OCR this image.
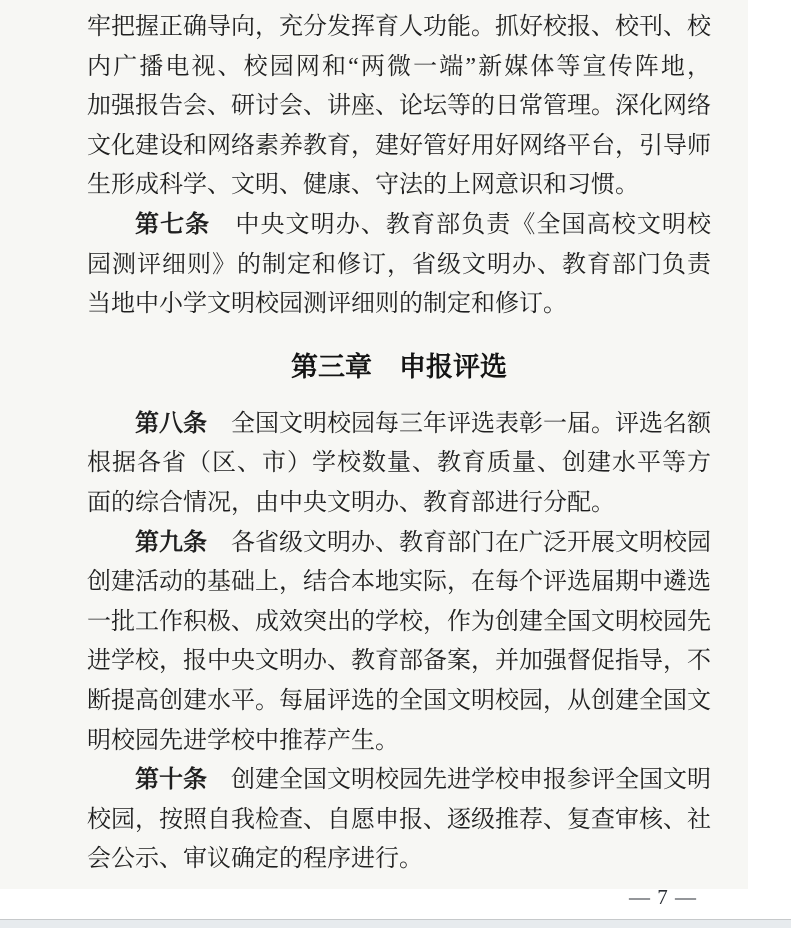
牢把握正确导向，充分发挥育人功能。抓好校报、校刊、校
内广播电视、校园网和“两微一端”新媒体等宣传阵地，
加强报告会、研讨会、讲座、论坛等的日常管理。深化网络
文化建设和网络素养教育，建好管好用好网络平台，引导师
生形成科学、文明、健康、守法的上网意识和习惯。
第七条　中央文明办、教育部负责《全国高校文明校
园测评细则》的制定和修订，省级文明办、教育部门负责
当地中小学文明校园测评细则的制定和修订。
第三章　申报评选
第八条　全国文明校园每三年评选表彰一届。评选名额
根据各省（区、市）学校数量、教育质量、创建水平等方
面的综合情况，由中央文明办、教育部进行分配。
第九条　各省级文明办、教育部门在广泛开展文明校园
创建活动的基础上，结合本地实际，在每个评选届期中遴选
一批工作积极、成效突出的学校，作为创建全国文明校园先
进学校，报中央文明办、教育部备案，并加强督促指导，不
断提高创建水平。每届评选的全国文明校园，从创建全国文
明校园先进学校中推荐产生。
第十条　创建全国文明校园先进学校申报参评全国文明
校园，按照自我检查、自愿申报、逐级推荐、复查审核、社
会公示、审议确定的程序进行。
— 7 —
